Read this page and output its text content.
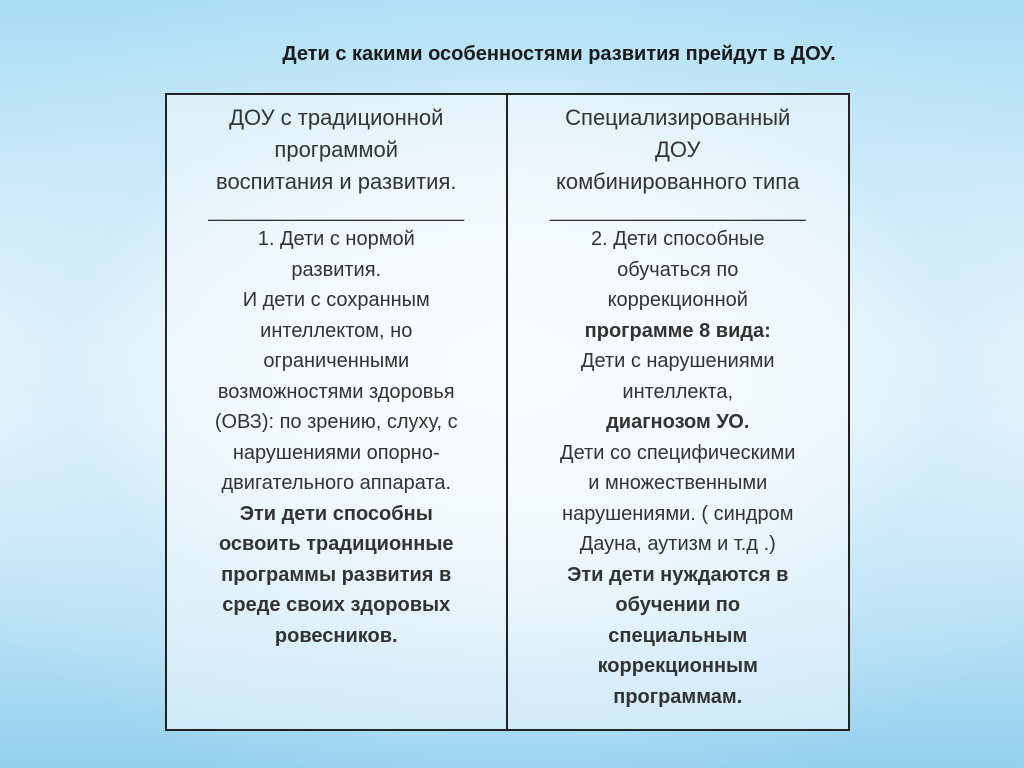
Дети с какими особенностями развития прейдут в ДОУ.

ДОУ с традиционной
программой
воспитания и развития.

_______________________

1. Дети с нормой
развития.
И дети с сохранным
интеллектом, но
ограниченными
возможностями здоровья
(ОВЗ): по зрению, слуху, с
нарушениями опорно-
двигательного аппарата.

Эти дети способны
освоить традиционные
программы развития в
среде своих здоровых
ровесников.

Специализированный
ДОУ
комбинированного типа

_______________________

2. Дети способные
обучаться по
коррекционной

программе 8 вида:

Дети с нарушениями
интеллекта,

диагнозом УО.

Дети со специфическими
и множественными
нарушениями. ( синдром
Дауна, аутизм и т.д .)

Эти дети нуждаются в
обучении по
специальным
коррекционным
программам.
